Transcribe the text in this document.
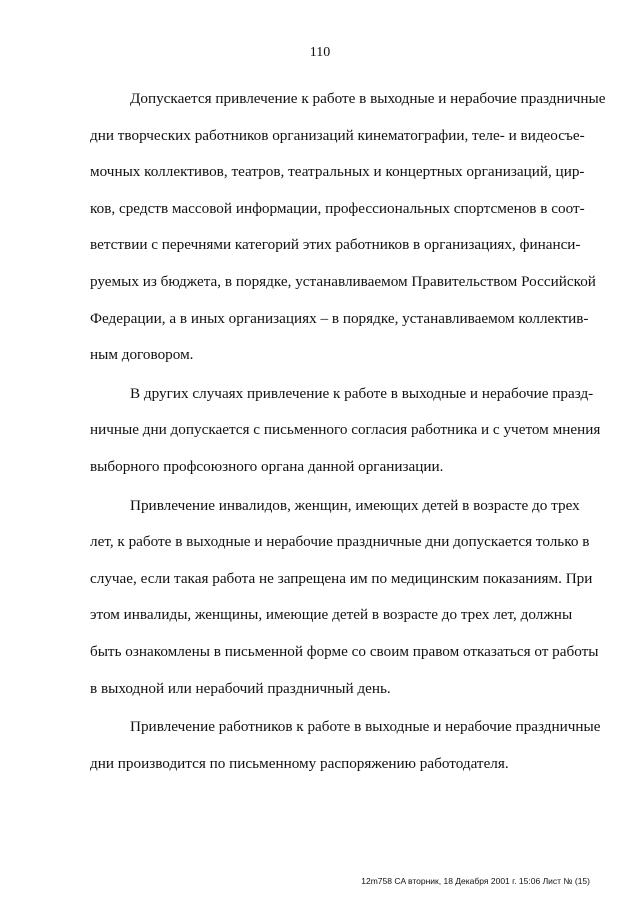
110
Допускается привлечение к работе в выходные и нерабочие праздничные
дни творческих работников организаций кинематографии, теле- и видеосъе-
мочных коллективов, театров, театральных и концертных организаций, цир-
ков, средств массовой информации, профессиональных спортсменов в соот-
ветствии с перечнями категорий этих работников в организациях, финанси-
руемых из бюджета, в порядке, устанавливаемом Правительством Российской
Федерации, а в иных организациях – в порядке, устанавливаемом коллектив-
ным договором.
В других случаях привлечение к работе в выходные и нерабочие празд-
ничные дни допускается с письменного согласия работника и с учетом мнения
выборного профсоюзного органа данной организации.
Привлечение инвалидов, женщин, имеющих детей в возрасте до трех
лет, к работе в выходные и нерабочие праздничные дни допускается только в
случае, если такая работа не запрещена им по медицинским показаниям. При
этом инвалиды, женщины, имеющие детей в возрасте до трех лет, должны
быть ознакомлены в письменной форме со своим правом отказаться от работы
в выходной или нерабочий праздничный день.
Привлечение работников к работе в выходные и нерабочие праздничные
дни производится по письменному распоряжению работодателя.
12m758 CA вторник, 18 Декабря 2001 г. 15:06 Лист № (15)
